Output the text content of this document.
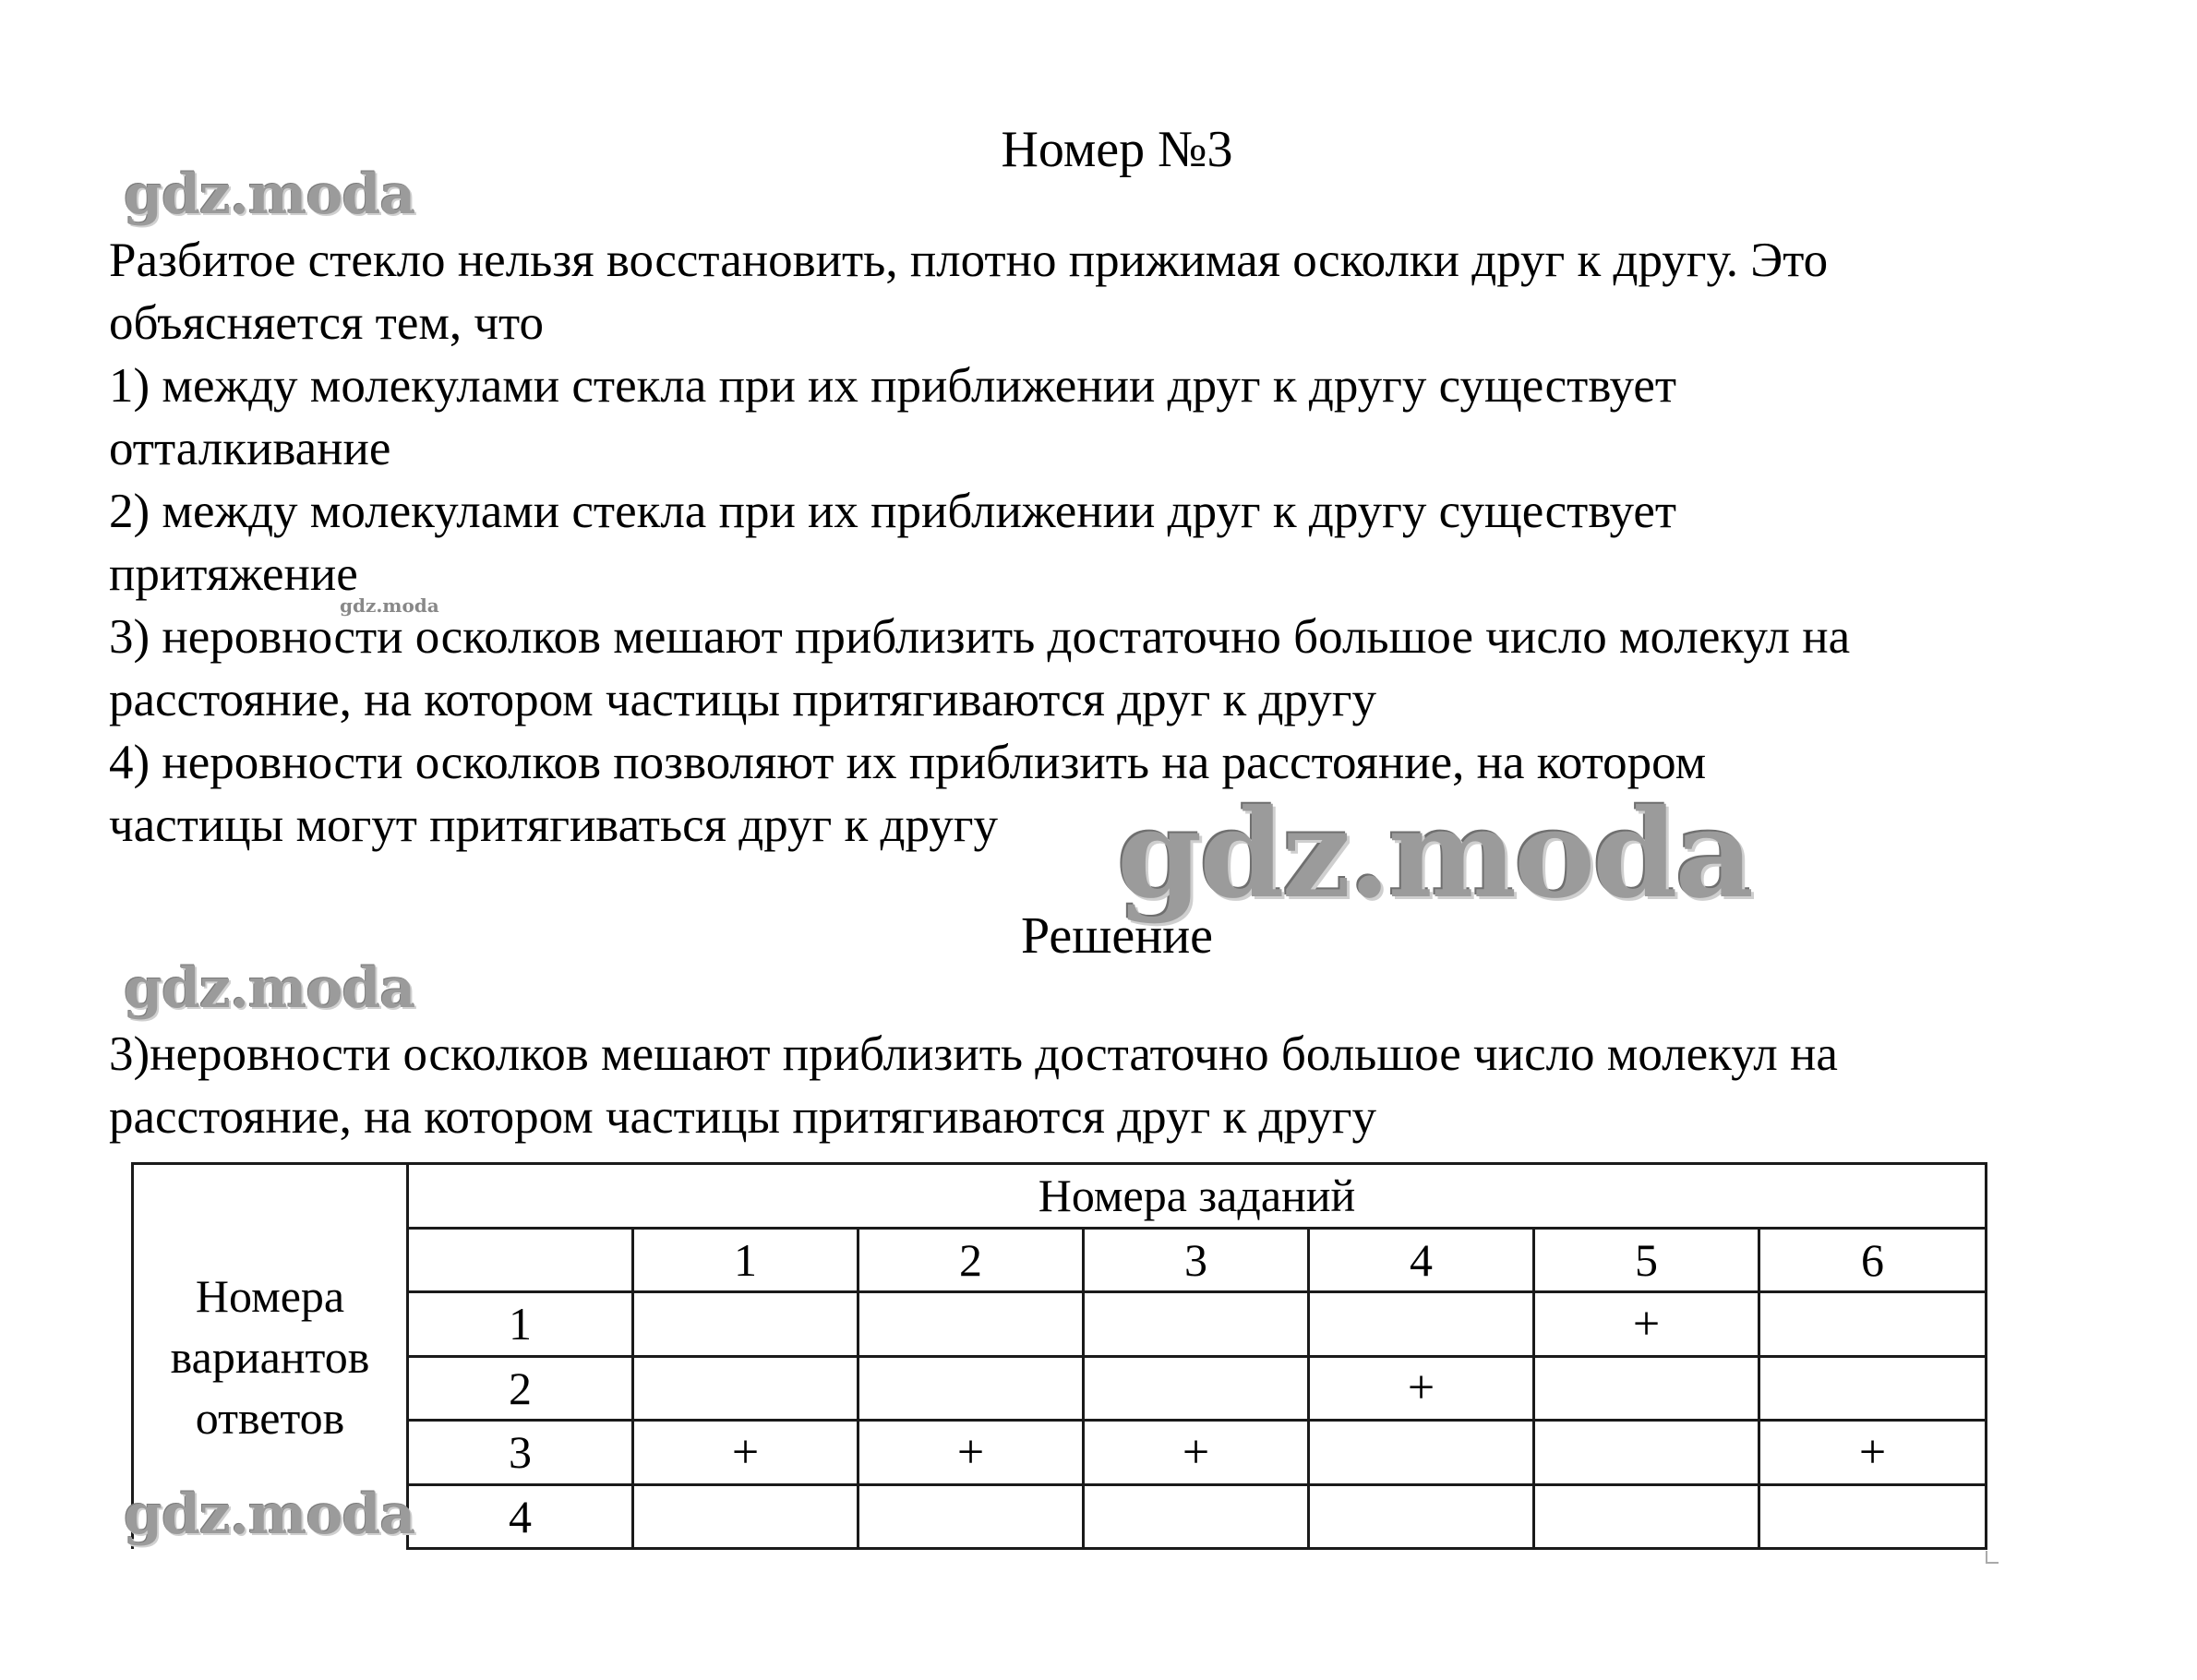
Номер №3
gdz.moda
Разбитое стекло нельзя восстановить, плотно прижимая осколки друг к другу. Это
объясняется тем, что
1) между молекулами стекла при их приближении друг к другу существует
отталкивание
2) между молекулами стекла при их приближении друг к другу существует
притяжение
3) неровности осколков мешают приблизить достаточно большое число молекул на
расстояние, на котором частицы притягиваются друг к другу
4) неровности осколков позволяют их приблизить на расстояние, на котором
частицы могут притягиваться друг к другу
gdz.moda
gdz.moda
Решение
gdz.moda
3)неровности осколков мешают приблизить достаточно большое число молекул на
расстояние, на котором частицы притягиваются друг к другу
Номера
вариантов
ответов	Номера заданий						
		1	2	3	4	5	6
	1					+	
	2				+		
	3	+	+	+			+
	4						
gdz.moda
